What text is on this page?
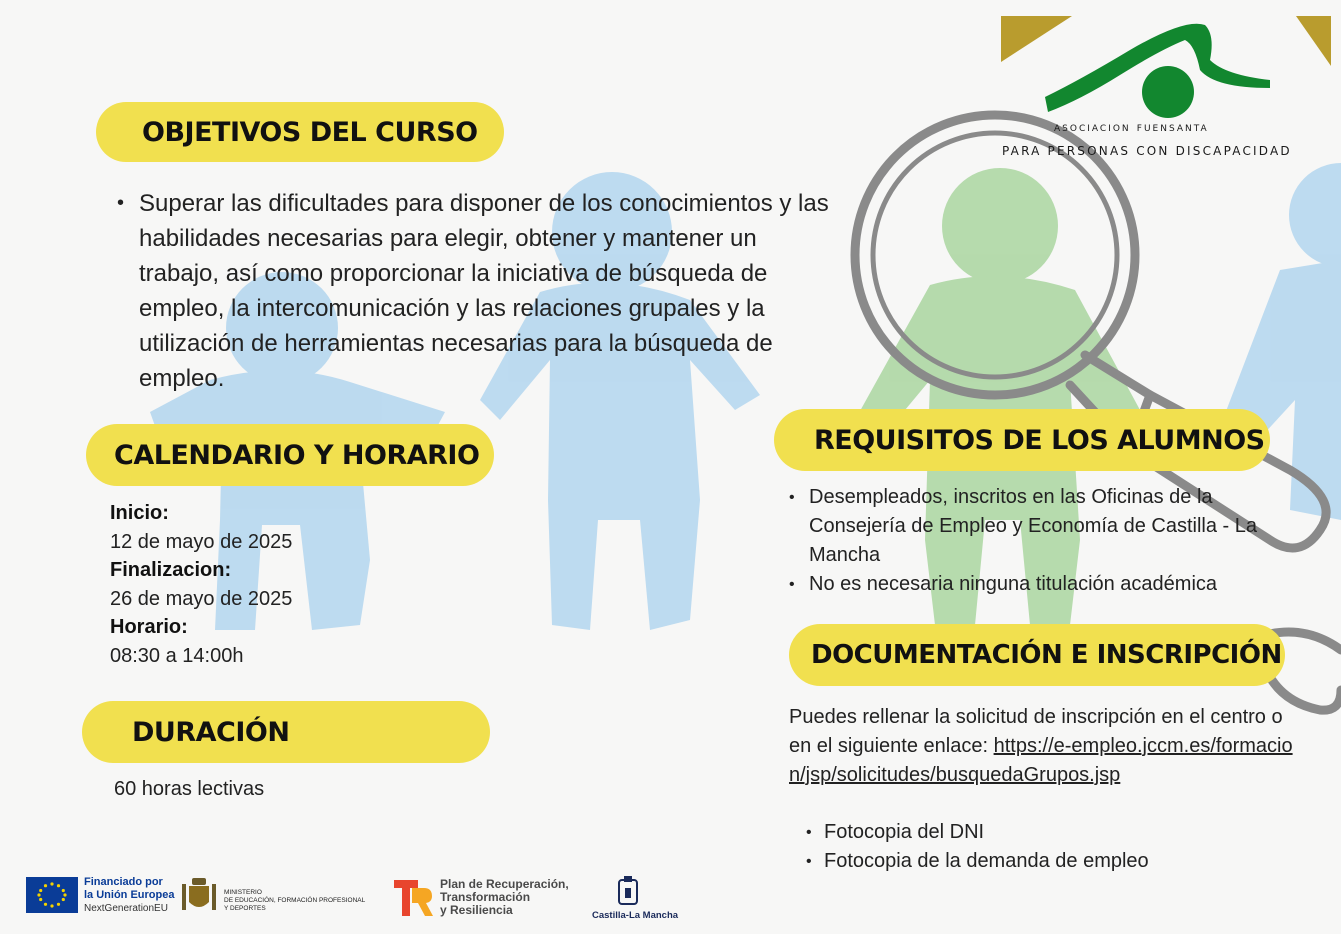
asociacion fuensanta
PARA PERSONAS CON DISCAPACIDAD
OBJETIVOS DEL CURSO
• Superar las dificultades para disponer de los conocimientos y las habilidades necesarias para elegir, obtener y mantener un trabajo, así como proporcionar la iniciativa de búsqueda de empleo, la intercomunicación y las relaciones grupales y la utilización de herramientas necesarias para la búsqueda de empleo.
CALENDARIO Y HORARIO
Inicio:
12 de mayo de 2025
Finalizacion:
26 de mayo de 2025
Horario:
08:30 a 14:00h
DURACIÓN
60 horas lectivas
REQUISITOS DE LOS ALUMNOS
• Desempleados, inscritos en las Oficinas de la Consejería de Empleo y Economía de Castilla - La Mancha
• No es necesaria ninguna titulación académica
DOCUMENTACIÓN E INSCRIPCIÓN
Puedes rellenar la solicitud de inscripción en el centro o en el siguiente enlace: https://e-empleo.jccm.es/formacion/jsp/solicitudes/busquedaGrupos.jsp
• Fotocopia del DNI
• Fotocopia de la demanda de empleo
Financiado por
la Unión Europea
NextGenerationEU
MINISTERIO
DE EDUCACIÓN, FORMACIÓN PROFESIONAL
Y DEPORTES
Plan de Recuperación,
Transformación
y Resiliencia	Castilla-La Mancha
